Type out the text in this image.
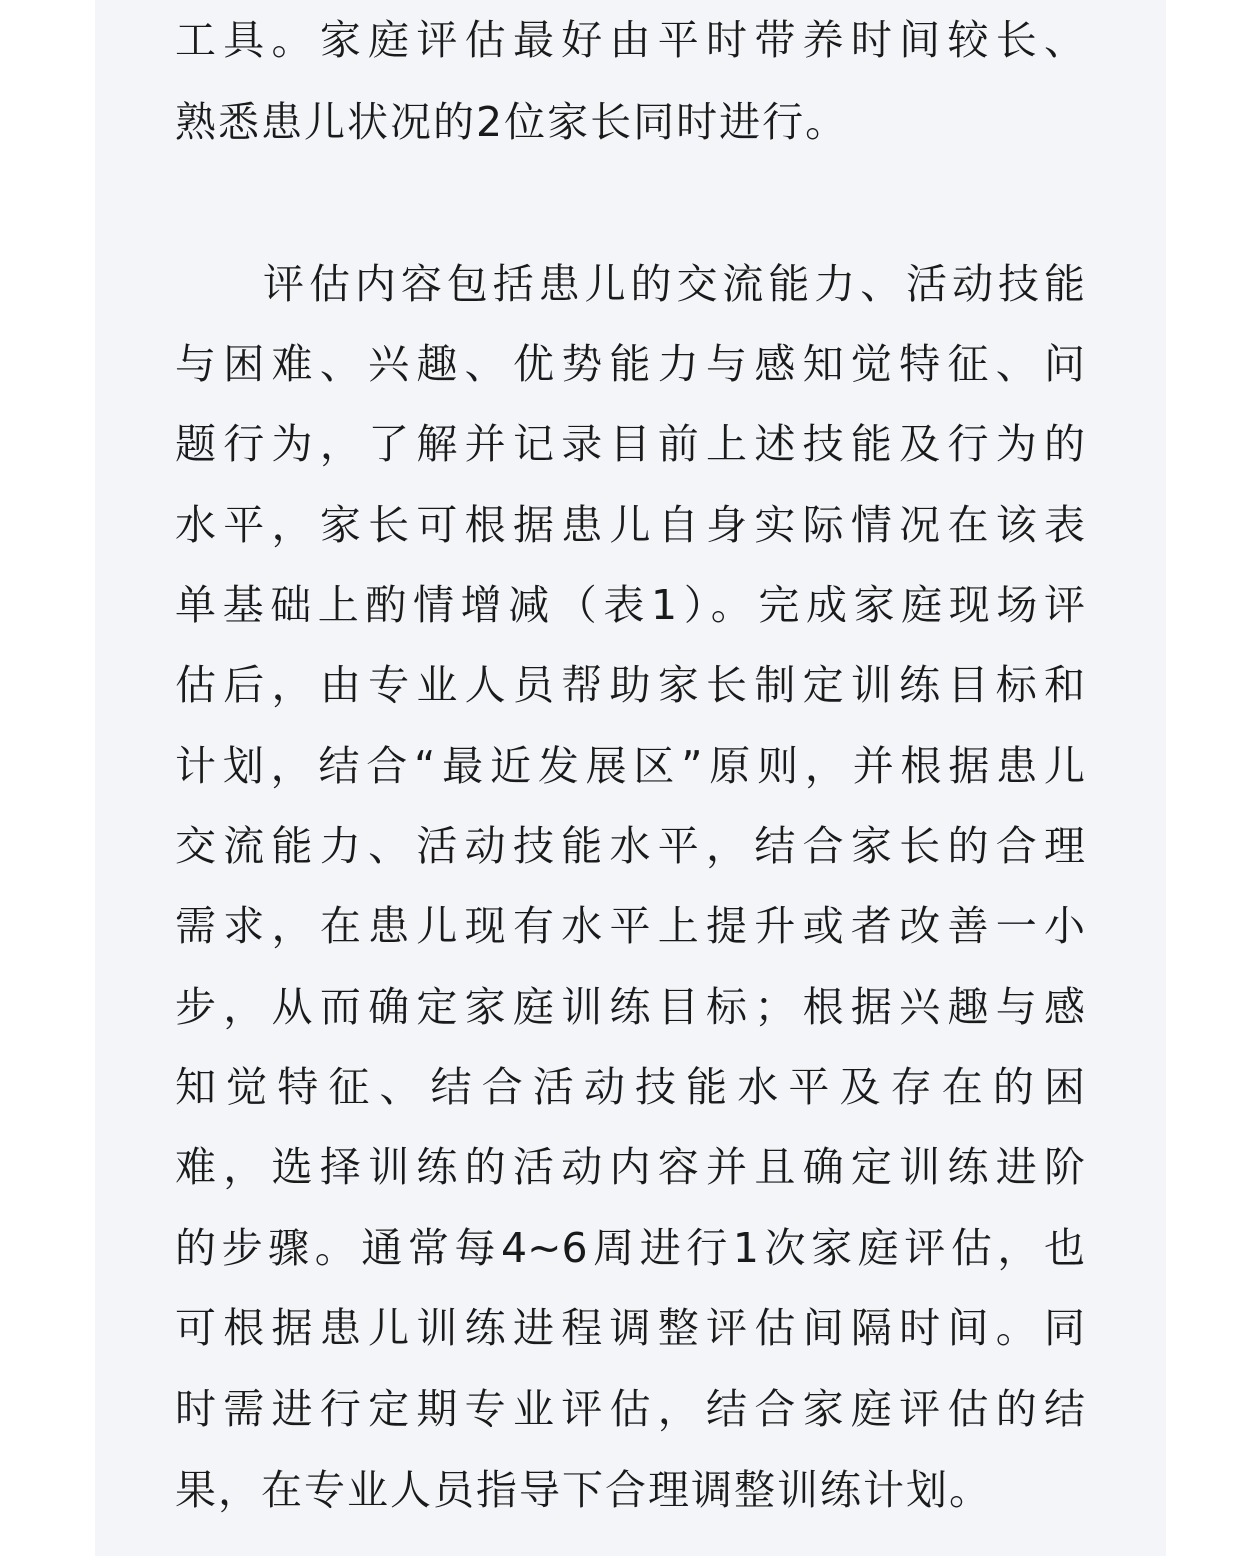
工具。家庭评估最好由平时带养时间较长、
熟悉患儿状况的2位家长同时进行。
评估内容包括患儿的交流能力、活动技能
与困难、兴趣、优势能力与感知觉特征、问
题行为，了解并记录目前上述技能及行为的
水平，家长可根据患儿自身实际情况在该表
单基础上酌情增减（表1）。完成家庭现场评
估后，由专业人员帮助家长制定训练目标和
计划，结合“最近发展区”原则，并根据患儿
交流能力、活动技能水平，结合家长的合理
需求，在患儿现有水平上提升或者改善一小
步，从而确定家庭训练目标；根据兴趣与感
知觉特征、结合活动技能水平及存在的困
难，选择训练的活动内容并且确定训练进阶
的步骤。通常每4~6周进行1次家庭评估，也
可根据患儿训练进程调整评估间隔时间。同
时需进行定期专业评估，结合家庭评估的结
果，在专业人员指导下合理调整训练计划。
